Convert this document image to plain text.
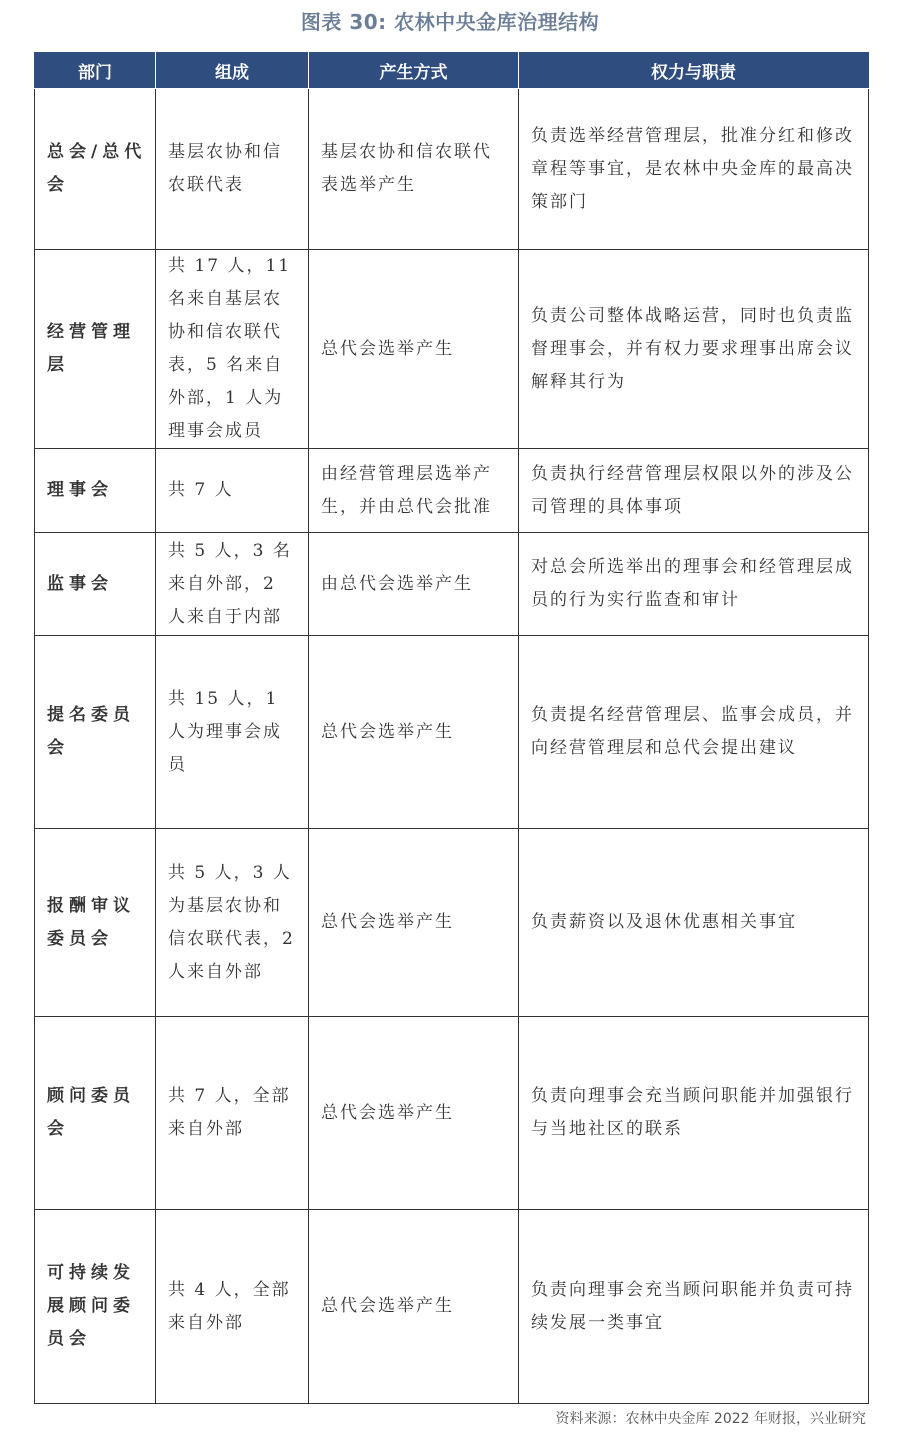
图表 30: 农林中央金库治理结构
部门	组成	产生方式	权力与职责
总会/总代会	基层农协和信农联代表	基层农协和信农联代表选举产生	负责选举经营管理层，批准分红和修改章程等事宜，是农林中央金库的最高决策部门
经营管理层	共 17 人，11 名来自基层农协和信农联代表，5 名来自外部，1 人为理事会成员	总代会选举产生	负责公司整体战略运营，同时也负责监督理事会，并有权力要求理事出席会议解释其行为
理事会	共 7 人	由经营管理层选举产生，并由总代会批准	负责执行经营管理层权限以外的涉及公司管理的具体事项
监事会	共 5 人，3 名来自外部，2 人来自于内部	由总代会选举产生	对总会所选举出的理事会和经管理层成员的行为实行监查和审计
提名委员会	共 15 人，1 人为理事会成员	总代会选举产生	负责提名经营管理层、监事会成员，并向经营管理层和总代会提出建议
报酬审议委员会	共 5 人，3 人为基层农协和信农联代表，2 人来自外部	总代会选举产生	负责薪资以及退休优惠相关事宜
顾问委员会	共 7 人，全部来自外部	总代会选举产生	负责向理事会充当顾问职能并加强银行与当地社区的联系
可持续发展顾问委员会	共 4 人，全部来自外部	总代会选举产生	负责向理事会充当顾问职能并负责可持续发展一类事宜
资料来源：农林中央金库 2022 年财报，兴业研究
